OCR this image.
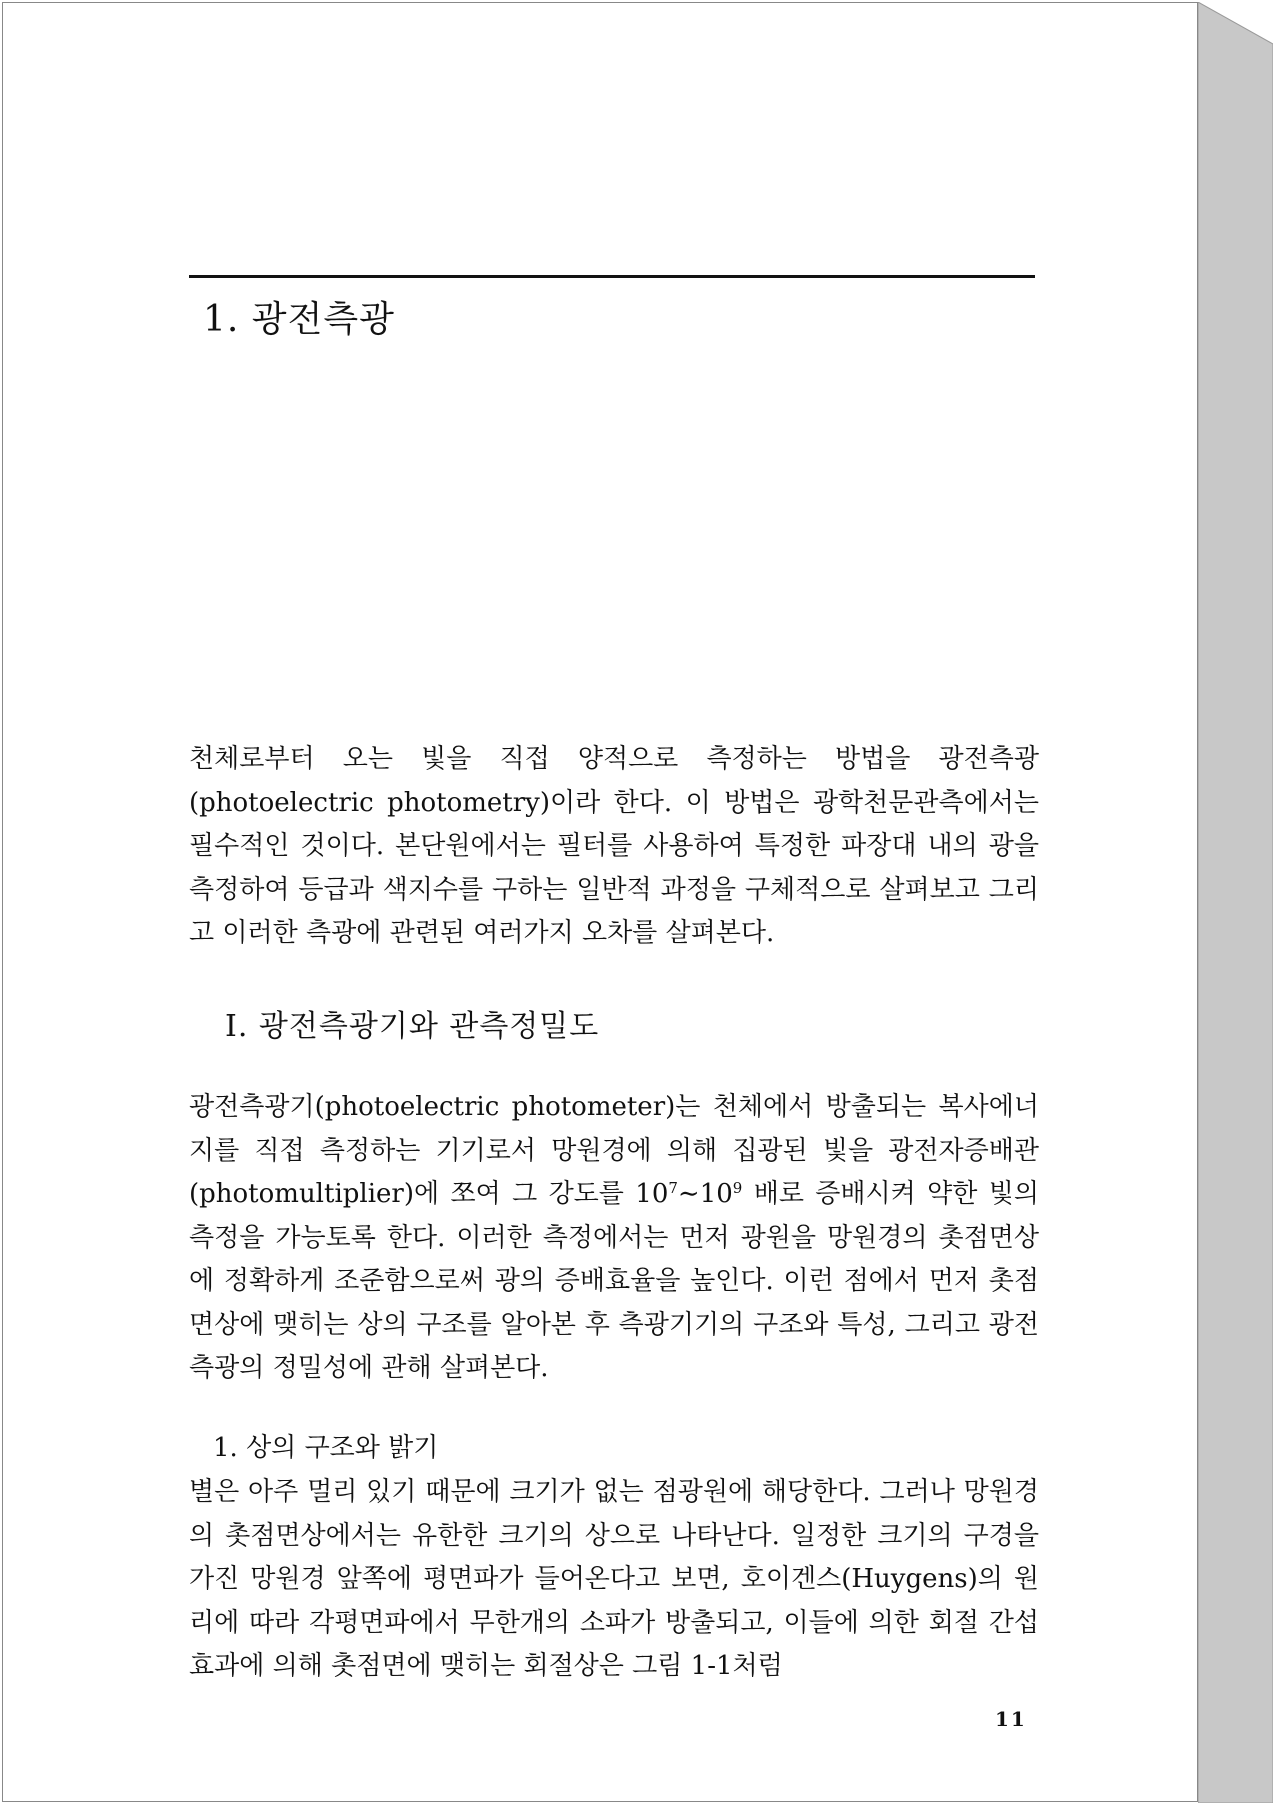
1. 광전측광

천체로부터 오는 빛을 직접 양적으로 측정하는 방법을 광전측광(photoelectric photometry)이라 한다. 이 방법은 광학천문관측에서는 필수적인 것이다. 본단원에서는 필터를 사용하여 특정한 파장대 내의 광을 측정하여 등급과 색지수를 구하는 일반적 과정을 구체적으로 살펴보고 그리고 이러한 측광에 관련된 여러가지 오차를 살펴본다.

Ⅰ. 광전측광기와 관측정밀도

광전측광기(photoelectric photometer)는 천체에서 방출되는 복사에너지를 직접 측정하는 기기로서 망원경에 의해 집광된 빛을 광전자증배관(photomultiplier)에 쪼여 그 강도를 $10^7\sim 10^9$ 배로 증배시켜 약한 빛의 측정을 가능토록 한다. 이러한 측정에서는 먼저 광원을 망원경의 촛점면상에 정확하게 조준함으로써 광의 증배효율을 높인다. 이런 점에서 먼저 촛점면상에 맺히는 상의 구조를 알아본 후 측광기기의 구조와 특성, 그리고 광전측광의 정밀성에 관해 살펴본다.

1. 상의 구조와 밝기

별은 아주 멀리 있기 때문에 크기가 없는 점광원에 해당한다. 그러나 망원경의 촛점면상에서는 유한한 크기의 상으로 나타난다. 일정한 크기의 구경을 가진 망원경 앞쪽에 평면파가 들어온다고 보면, 호이겐스(Huygens)의 원리에 따라 각평면파에서 무한개의 소파가 방출되고, 이들에 의한 회절 간섭효과에 의해 촛점면에 맺히는 회절상은 그림 1-1처럼

11
